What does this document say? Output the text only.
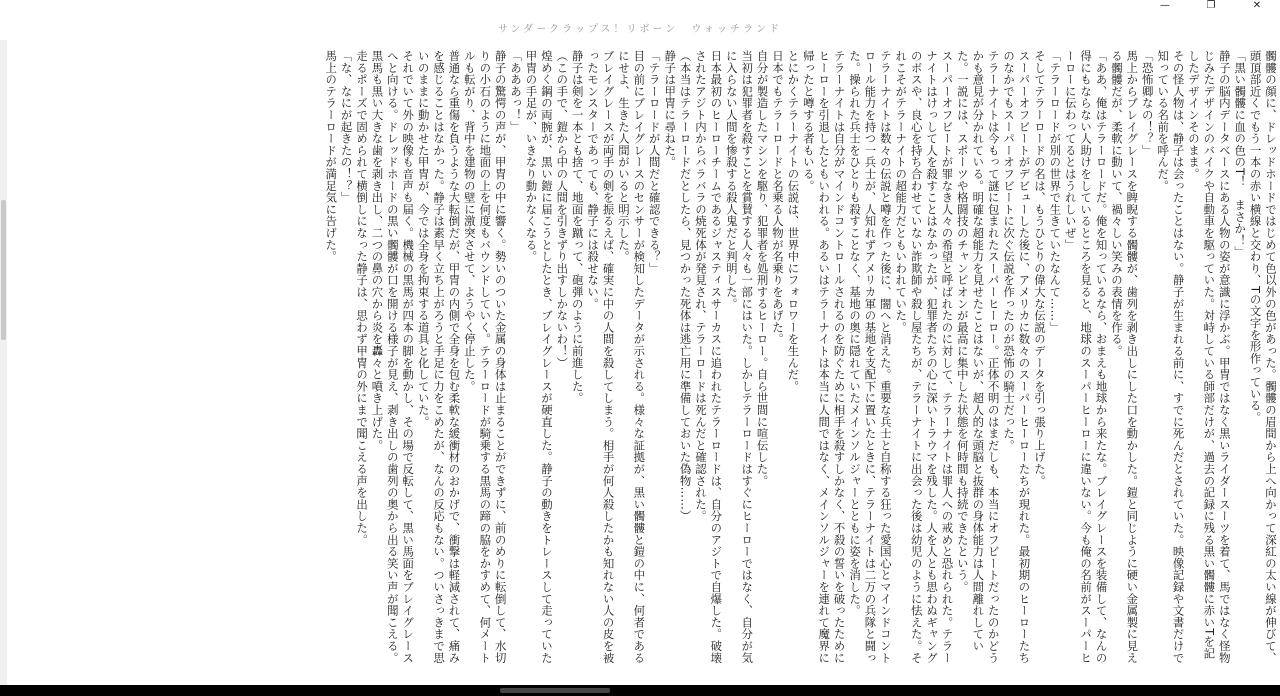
—	❐	✕
サンダークラップス！リボーン　ウォッチランド

髑髏の顔に、ドレッドホードではじめて色以外の色があった。髑髏の眉間から上へ向かって深紅の太い線が伸びて、頭頂部近くでもう一本の赤い横線と交わり、Tの文字を形作っている。

「黒い髑髏に血の色のT！　まさか！」

静子の脳内データベースにある人物の姿が意識に浮かぶ。甲冑ではなく黒いライダースーツを着て、馬ではなく怪物じみたデザインのバイクや自動車を駆っていた。対峙している師部だけが、過去の記録に残る黒い髑髏に赤いTを記したデザインそのまま。

その怪人物は、静子は会ったことはない。静子が生まれる前に、すでに死んだとされていた。映像記録や文書だけで知っている名前を呼んだ。

「恐怖卿なの！？」

馬上からブレイグレースを睥睨する髑髏が、歯列を剥き出しにした口を動かした。鎧と同じように硬い金属製に見える髑髏だが、柔軟に動いて、禍々しい笑みの表情を作る。

「ああ、俺はテラーロードだ。俺を知っているなら、おまえも地球から来たな。ブレイグレースを装備して、なんの得にもならない人助けをしているところを見ると、地球のスーパーヒーローに違いない。今も俺の名前がスーパーヒーローに伝わってるとはうれしいぜ」

「テラーロードが別の世界で生きていたなんて……」

そしてテラーロードの名は、もうひとりの偉大な伝説のデータを引っ張り上げた。

スーパーオフビートがデビューした後に、アメリカに数々のスーパーヒーローたちが現れた。最初期のヒーローたちのなかでもスーパーオフビートに次ぐ伝説を作ったのが恐怖の騎士だった。

テラーナイトは今もって謎に包まれたスーパーヒーロー。正体不明のはまだしも、本当にオフビートだったのかどうかも意見が分かれている。明確な超能力を見せたことはないが、超人的な頭脳と抜群の身体能力は人間離れしていた。一説には、スポーツや格闘技のチャンピオンが最高に集中した状態を何時間も持続できたという。

スーパーオフビートが罪なき人々の希望と呼ばれたのに対して、テラーナイトは罪人への戒めと恐れられた。テラーナイトはけっして人を殺すことはなかったが、犯罪者たちの心に深いトラウマを残した。人を人とも思わぬギャングのボスや、良心を持ち合わせていない詐欺師や殺し屋たちが、テラーナイトに出会った後は幼児のように怯えた。それこそがテラーナイトの超能力だともいわれていた。

テラーナイトは数々の伝説と噂を作った後に、闇へと消えた。重要な兵士と自称する狂った愛国心とマインドコントロール能力を持つ一兵士が、人知れずアメリカ軍の基地を支配下に置いたときに、テラーナイトは二万の兵隊と闘った。操られた兵士をひとりも殺すことなく、基地の奥に隠れていたメインソルジャーとともに姿を消した。

テラーナイトは自分がマインドコントロールされるのを防ぐために相手を殺すしかなく、不殺の誓いを破ったためにヒーローを引退したともいわれる。あるいはテラーナイトは本当に人間ではなく、メインソルジャーを連れて魔界に帰ったと噂する者もいる。

とにかくテラーナイトの伝説は、世界中にフォロワーを生んだ。

日本でもテラーロードと名乗る人物が名乗りをあげた。

自分が製造したマシンを駆り、犯罪者を処刑するヒーロー。自ら世間に喧伝した。

当初は犯罪者を殺すことを賞賛する人々も一部にはいた。しかしテラーロードはすぐにヒーローではなく、自分が気に入らない人間を惨殺する殺人鬼だと判明した。

日本最初のヒーローチームであるジャスティスサーカスに追われたテラーロードは、自分のアジトで自爆した。破壊されたアジト内からバラバラの焼死体が発見され、テラーロードは死んだと確認された。

（本当はテラーロードだとしたら、見つかった死体は逃亡用に準備しておいた偽物……）

静子は甲冑に尋ねた。

「テラーロードが人間だと確認できる？」

目の前にブレイグレースのセンサーが検知したデータが示される。様々な証拠が、黒い髑髏と鎧の中に、何者であるにせよ、生きた人間がいると明示した。

ブレイグレースが両手の剣を振るえば、確実に中の人間を殺してしまう。相手が何人殺したかも知れない人の皮を被ったモンスターであっても、静子には殺せない。

静子は剣を一本とも捨て、地面を蹴って、砲弾のように前進した。

（この手で、鎧から中の人間を引きずり出すしかないわ！）

煌めく鋼の両腕が、黒い鎧に届こうとしたとき、ブレイグレースが硬直した。静子の動きをトレースして走っていた甲冑の手足が、いきなり動かなくなる。

「あああっ！」

静子の驚愕の声が、甲冑の中に響く。勢いのついた金属の身体は止まることができずに、前のめりに転倒して、水切りの小石のように地面の上を何度もバウンドしていく。テラーロードが騎乗する黒馬の蹄の脇をかすめて、何メートルも転がり、背中を建物の壁に激突させて、ようやく停止した。

普通なら重傷を負うような大転倒だが、甲冑の内側で全身を包む柔軟な緩衝材のおかげで、衝撃は軽減されて、痛みを感じることはなかった。静子は素早く立ち上がろうと手足に力をこめたが、なんの反応もない。ついさっきまで思いのままに動かせた甲冑が、今では全身を拘束する道具と化していた。

それでいて外の映像も音声も届く。機械の黒馬が四本の脚を動かし、その場で反転して、黒い馬面をブレイグレースへと向ける。ドレッドホードの黒い髑髏が口を開ける様子が見え、剥き出しの歯列の奥から出る笑い声が聞こえる。黒馬も黒い大きな歯を剥き出し、二つの鼻の穴から炎を轟々と噴き上げた。

走るポーズで固められて横倒しになった静子は、思わず甲冑の外にまで聞こえる声を出した。

「な、なにが起きたの！？」

馬上のテラーロードが満足気に告げた。
